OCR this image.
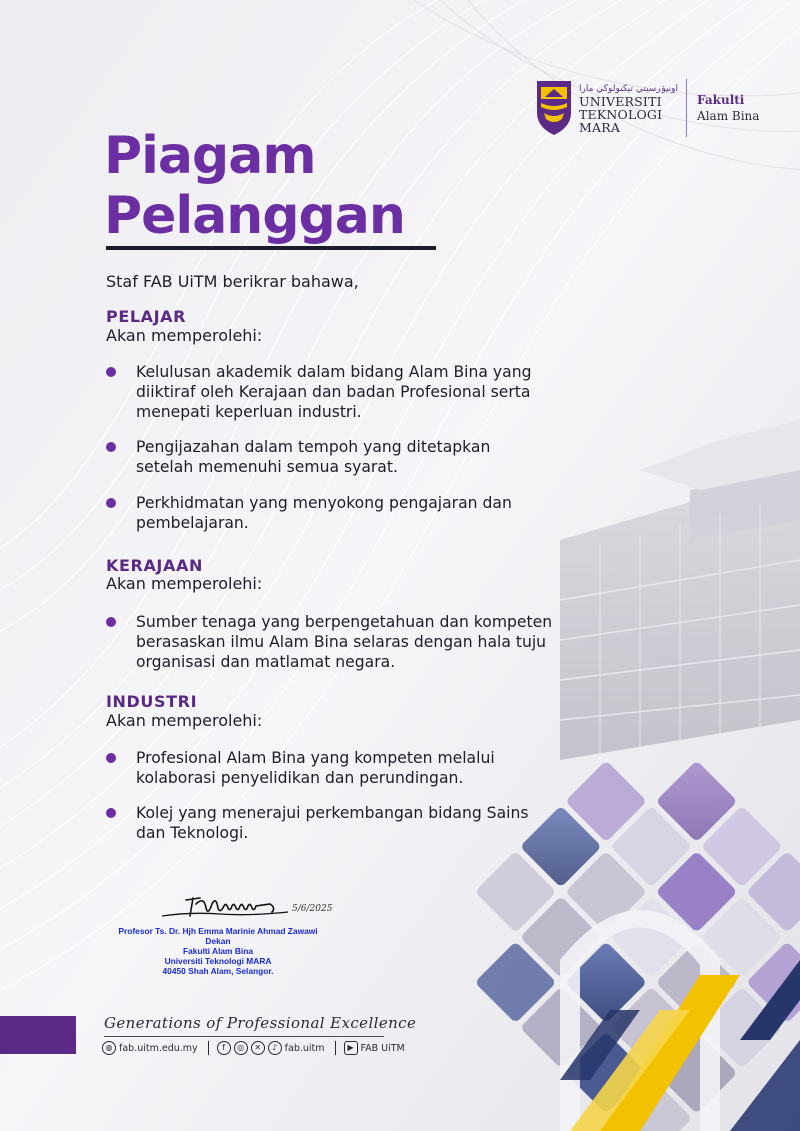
اونيۏرسيتي تيكنولوڬي مارا
UNIVERSITI
TEKNOLOGI
MARA
Fakulti
Alam Bina
Piagam
Pelanggan
Staf FAB UiTM berikrar bahawa,
PELAJAR
Akan memperolehi:
Kelulusan akademik dalam bidang Alam Bina yang
diiktiraf oleh Kerajaan dan badan Profesional serta
menepati keperluan industri.
Pengijazahan dalam tempoh yang ditetapkan
setelah memenuhi semua syarat.
Perkhidmatan yang menyokong pengajaran dan
pembelajaran.
KERAJAAN
Akan memperolehi:
Sumber tenaga yang berpengetahuan dan kompeten
berasaskan ilmu Alam Bina selaras dengan hala tuju
organisasi dan matlamat negara.
INDUSTRI
Akan memperolehi:
Profesional Alam Bina yang kompeten melalui
kolaborasi penyelidikan dan perundingan.
Kolej yang menerajui perkembangan bidang Sains
dan Teknologi.
5/6/2025
Profesor Ts. Dr. Hjh Emma Marinie Ahmad Zawawi
Dekan
Fakulti Alam Bina
Universiti Teknologi MARA
40450 Shah Alam, Selangor.
Generations of Professional Excellence
◍ fab.uitm.edu.my	f	◎	✕	♪ fab.uitm	▶ FAB UiTM
